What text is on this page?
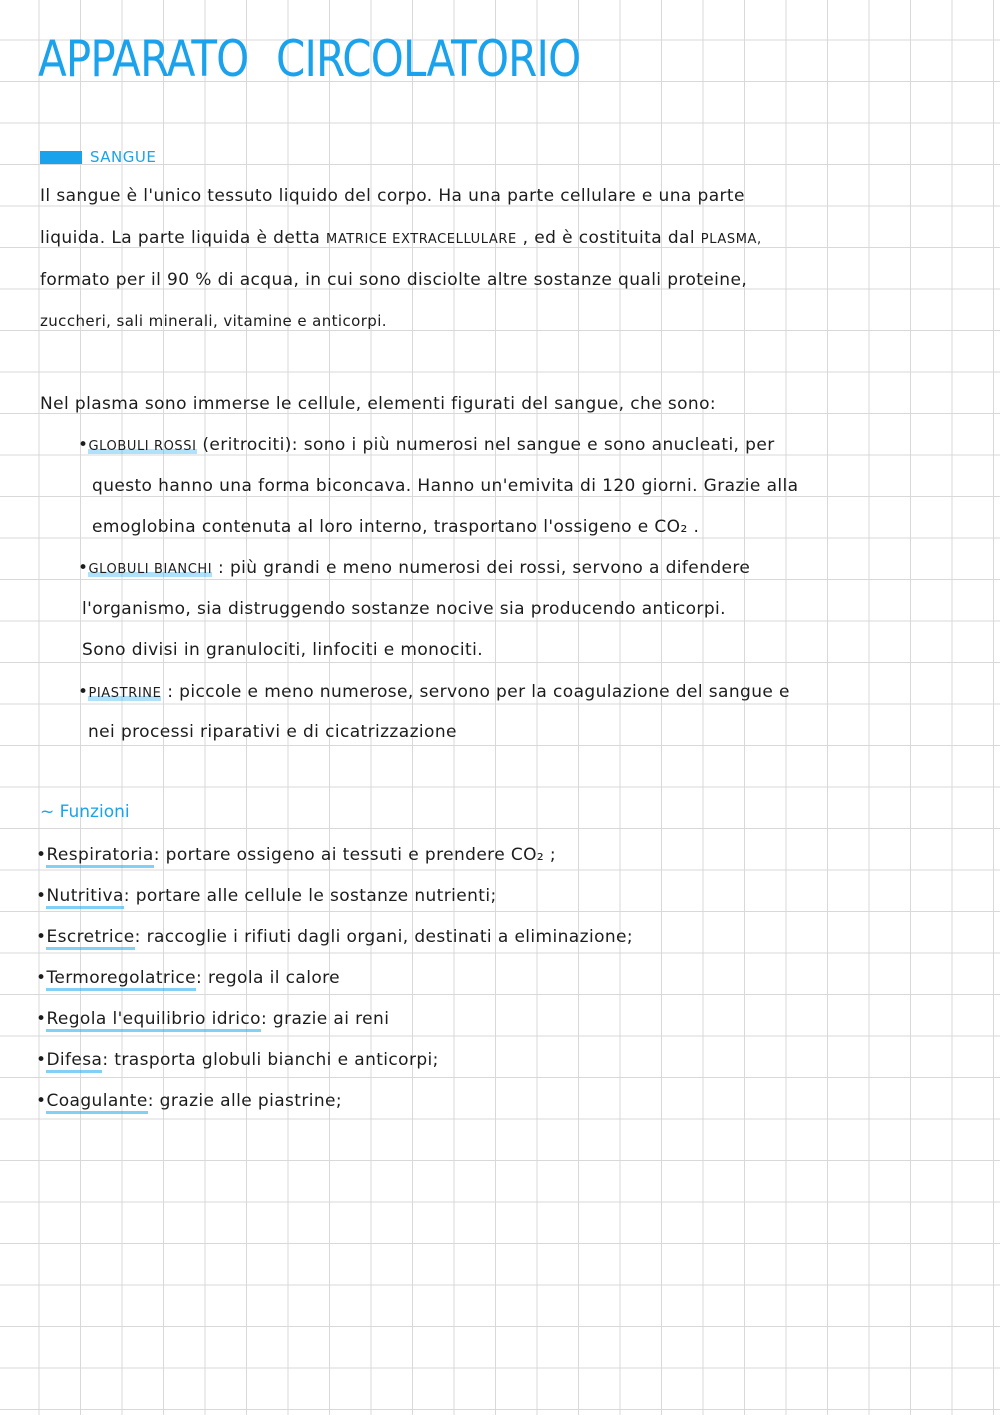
APPARATO CIRCOLATORIO
SANGUE
Il sangue è l'unico tessuto liquido del corpo. Ha una parte cellulare e una parte
liquida. La parte liquida è detta MATRICE EXTRACELLULARE , ed è costituita dal PLASMA,
formato per il 90 % di acqua, in cui sono disciolte altre sostanze quali proteine,
zuccheri, sali minerali, vitamine e anticorpi.
Nel plasma sono immerse le cellule, elementi figurati del sangue, che sono:
•GLOBULI ROSSI (eritrociti): sono i più numerosi nel sangue e sono anucleati, per
questo hanno una forma biconcava. Hanno un'emivita di 120 giorni. Grazie alla
emoglobina contenuta al loro interno, trasportano l'ossigeno e CO₂ .
•GLOBULI BIANCHI : più grandi e meno numerosi dei rossi, servono a difendere
l'organismo, sia distruggendo sostanze nocive sia producendo anticorpi.
Sono divisi in granulociti, linfociti e monociti.
•PIASTRINE : piccole e meno numerose, servono per la coagulazione del sangue e
nei processi riparativi e di cicatrizzazione
~ Funzioni
•Respiratoria: portare ossigeno ai tessuti e prendere CO₂ ;
•Nutritiva: portare alle cellule le sostanze nutrienti;
•Escretrice: raccoglie i rifiuti dagli organi, destinati a eliminazione;
•Termoregolatrice: regola il calore
•Regola l'equilibrio idrico: grazie ai reni
•Difesa: trasporta globuli bianchi e anticorpi;
•Coagulante: grazie alle piastrine;
